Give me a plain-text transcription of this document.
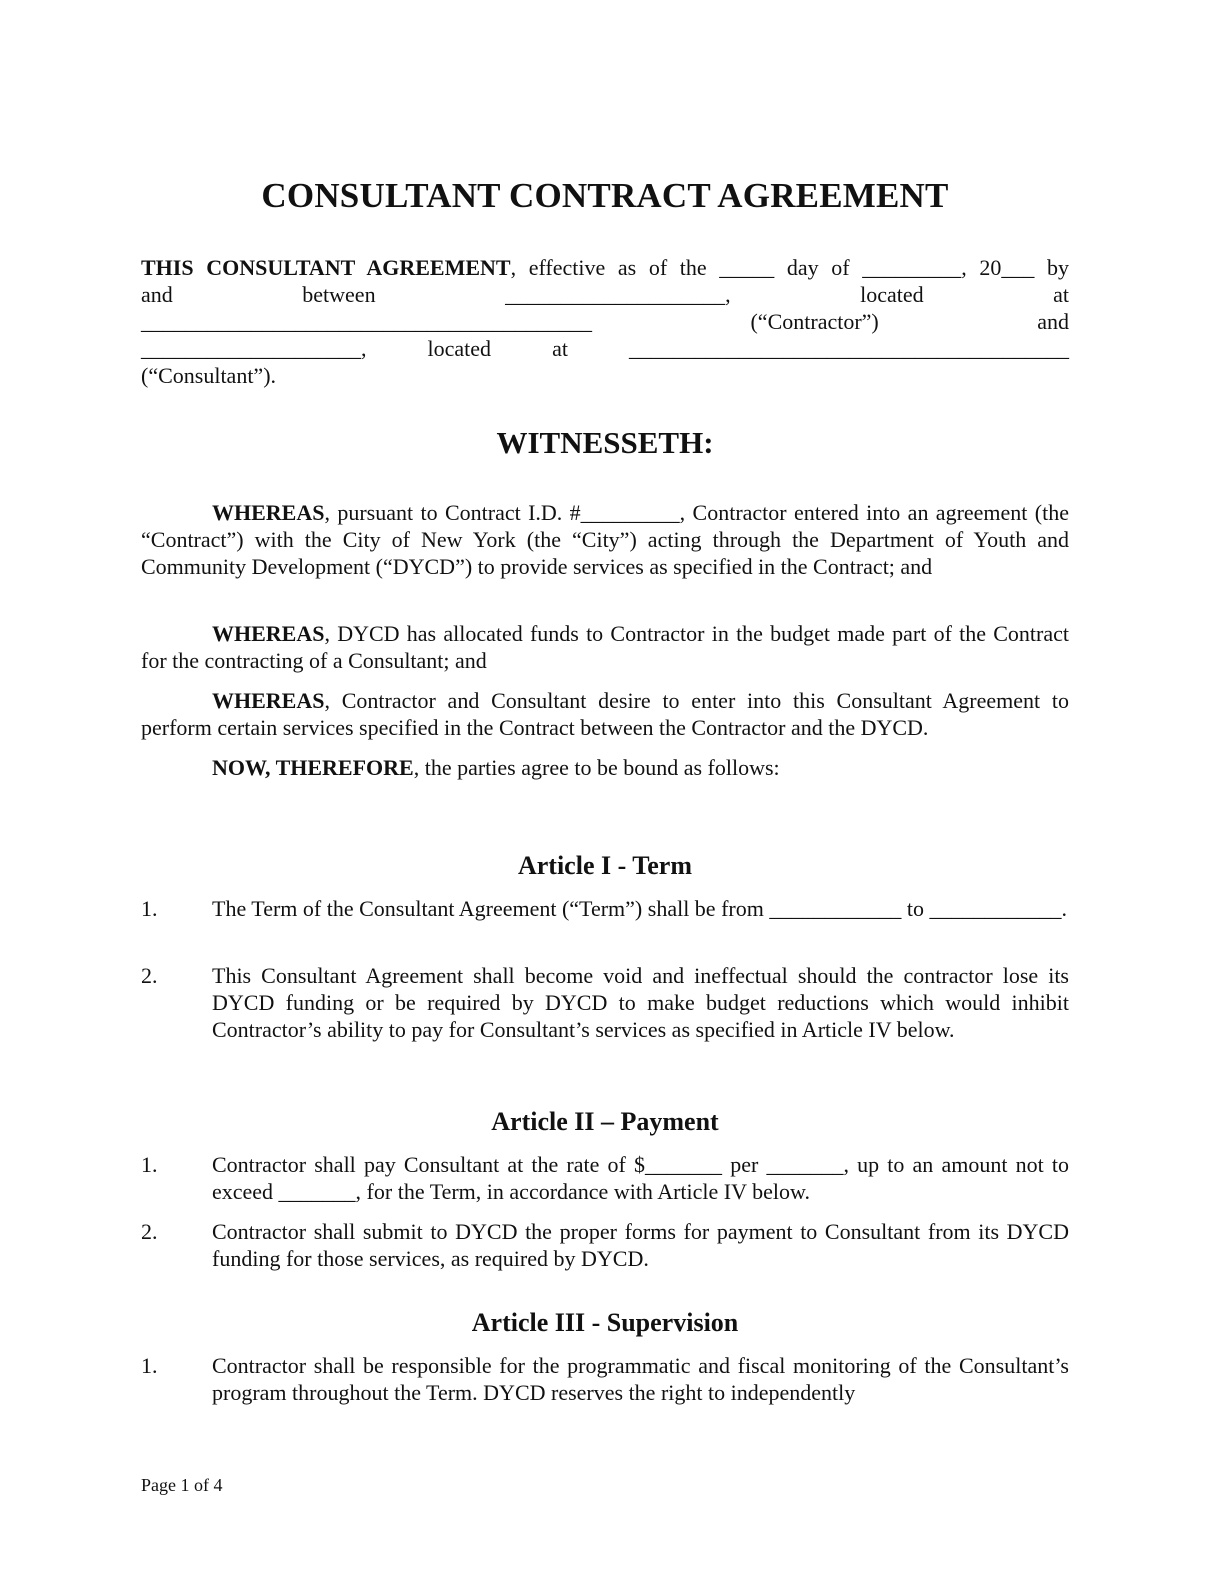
CONSULTANT CONTRACT AGREEMENT
THIS CONSULTANT AGREEMENT, effective as of the _____ day of _________, 20___ by
and between ____________________, located at
_________________________________________ (“Contractor”) and
____________________, located at ________________________________________
(“Consultant”).
WITNESSETH:
WHEREAS, pursuant to Contract I.D. #_________, Contractor entered into an agreement (the “Contract”) with the City of New York (the “City”) acting through the Department of Youth and Community Development (“DYCD”) to provide services as specified in the Contract; and
WHEREAS, DYCD has allocated funds to Contractor in the budget made part of the Contract for the contracting of a Consultant; and
WHEREAS, Contractor and Consultant desire to enter into this Consultant Agreement to perform certain services specified in the Contract between the Contractor and the DYCD.
NOW, THEREFORE, the parties agree to be bound as follows:
Article I - Term
1. The Term of the Consultant Agreement (“Term”) shall be from ____________ to ____________.
2. This Consultant Agreement shall become void and ineffectual should the contractor lose its DYCD funding or be required by DYCD to make budget reductions which would inhibit Contractor’s ability to pay for Consultant’s services as specified in Article IV below.
Article II – Payment
1. Contractor shall pay Consultant at the rate of $_______ per _______, up to an amount not to exceed _______, for the Term, in accordance with Article IV below.
2. Contractor shall submit to DYCD the proper forms for payment to Consultant from its DYCD funding for those services, as required by DYCD.
Article III - Supervision
1. Contractor shall be responsible for the programmatic and fiscal monitoring of the Consultant’s program throughout the Term. DYCD reserves the right to independently
Page 1 of 4
